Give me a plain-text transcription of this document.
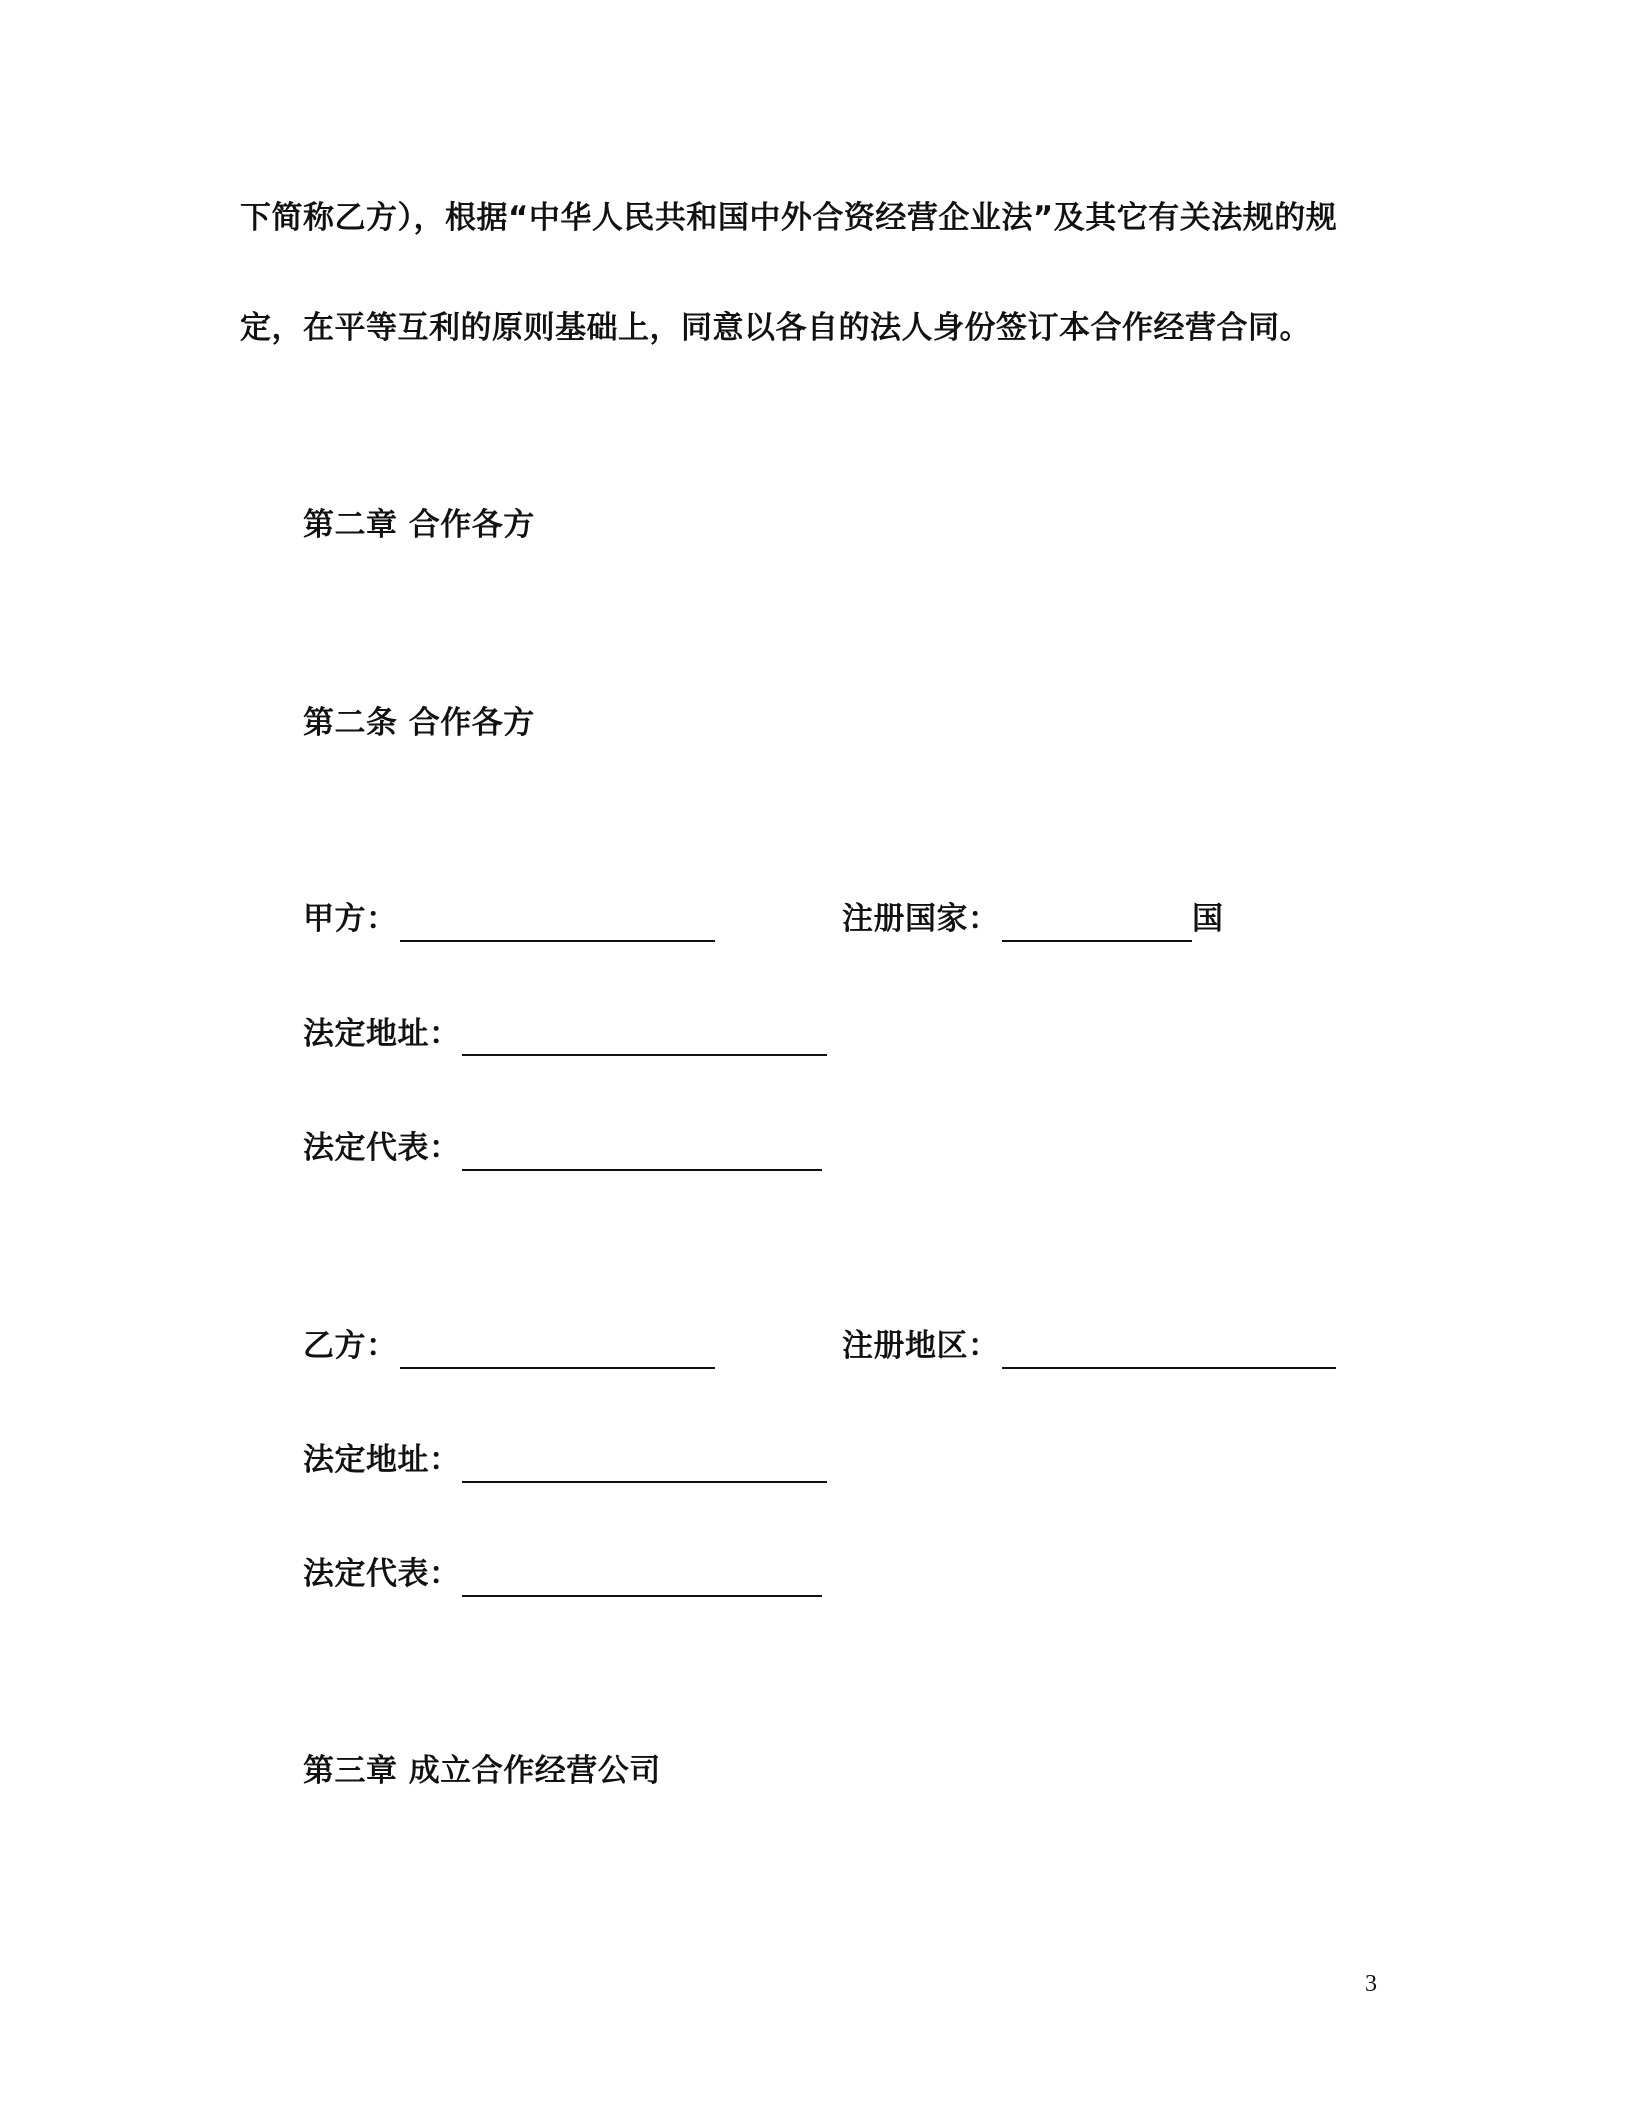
下简称乙方），根据“中华人民共和国中外合资经营企业法”及其它有关法规的规
定，在平等互利的原则基础上，同意以各自的法人身份签订本合作经营合同。
第二章 合作各方
第二条 合作各方
甲方：	注册国家：	国
法定地址：
法定代表：
乙方：	注册地区：
法定地址：
法定代表：
第三章 成立合作经营公司
3
